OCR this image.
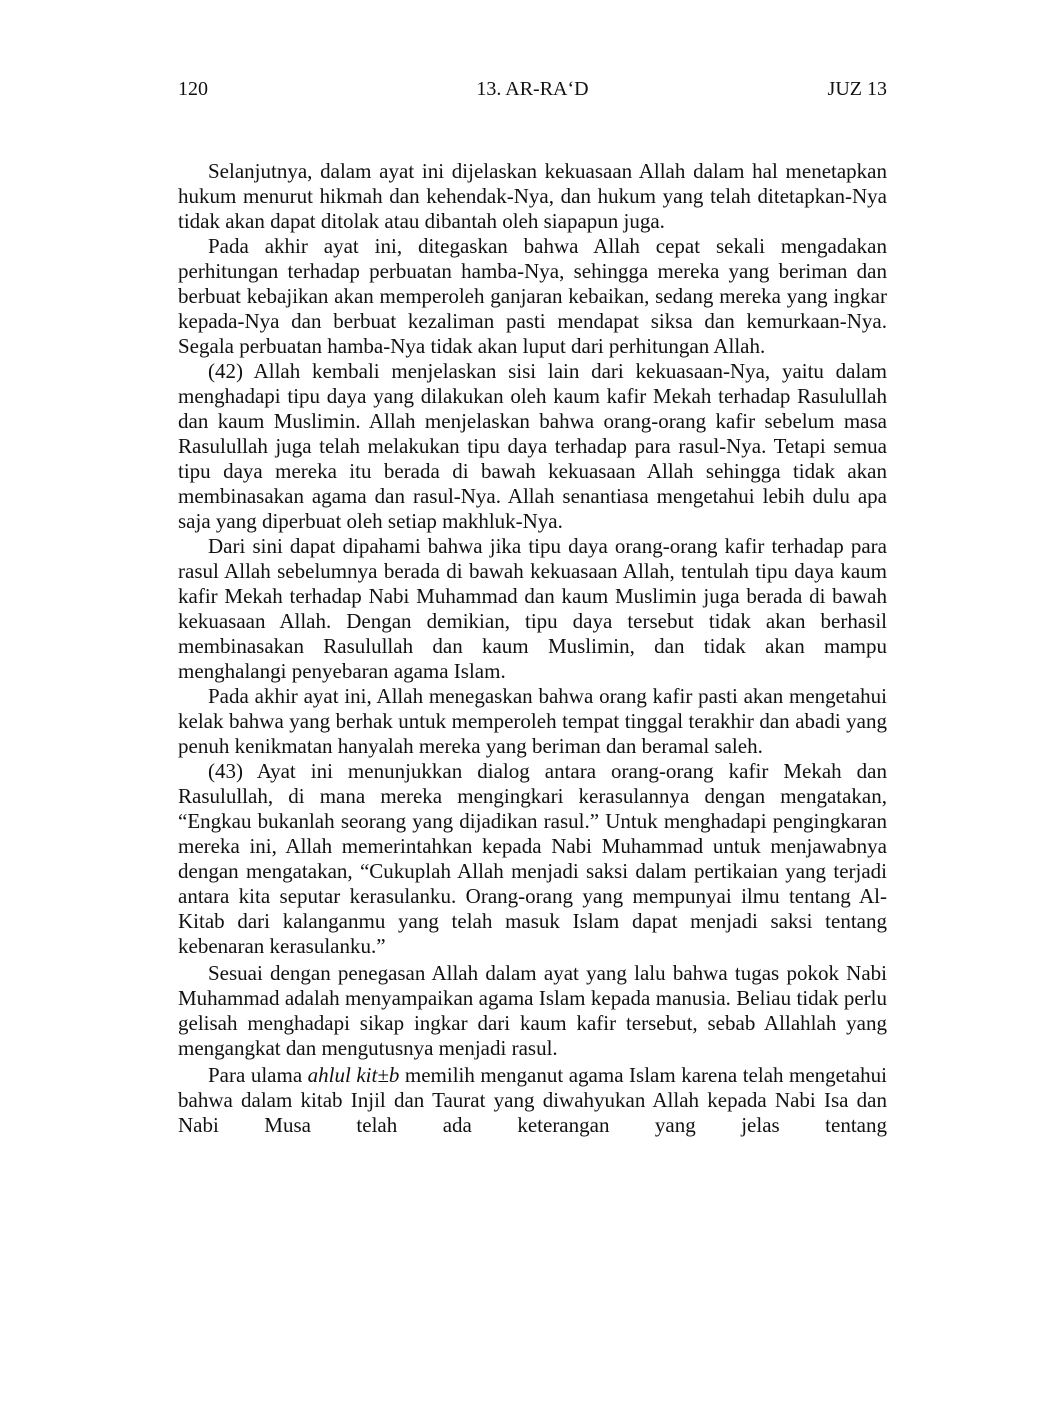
120	13. AR-RA‘D	JUZ 13

Selanjutnya, dalam ayat ini dijelaskan kekuasaan Allah dalam hal menetapkan hukum menurut hikmah dan kehendak-Nya, dan hukum yang telah ditetapkan-Nya tidak akan dapat ditolak atau dibantah oleh siapapun juga.

Pada akhir ayat ini, ditegaskan bahwa Allah cepat sekali mengadakan perhitungan terhadap perbuatan hamba-Nya, sehingga mereka yang beriman dan berbuat kebajikan akan memperoleh ganjaran kebaikan, sedang mereka yang ingkar kepada-Nya dan berbuat kezaliman pasti mendapat siksa dan kemurkaan-Nya. Segala perbuatan hamba-Nya tidak akan luput dari perhitungan Allah.

(42) Allah kembali menjelaskan sisi lain dari kekuasaan-Nya, yaitu dalam menghadapi tipu daya yang dilakukan oleh kaum kafir Mekah terhadap Rasulullah dan kaum Muslimin. Allah menjelaskan bahwa orang-orang kafir sebelum masa Rasulullah juga telah melakukan tipu daya terhadap para rasul-Nya. Tetapi semua tipu daya mereka itu berada di bawah kekuasaan Allah sehingga tidak akan membinasakan agama dan rasul-Nya. Allah senantiasa mengetahui lebih dulu apa saja yang diperbuat oleh setiap makhluk-Nya.

Dari sini dapat dipahami bahwa jika tipu daya orang-orang kafir terhadap para rasul Allah sebelumnya berada di bawah kekuasaan Allah, tentulah tipu daya kaum kafir Mekah terhadap Nabi Muhammad dan kaum Muslimin juga berada di bawah kekuasaan Allah. Dengan demikian, tipu daya tersebut tidak akan berhasil membinasakan Rasulullah dan kaum Muslimin, dan tidak akan mampu menghalangi penyebaran agama Islam.

Pada akhir ayat ini, Allah menegaskan bahwa orang kafir pasti akan mengetahui kelak bahwa yang berhak untuk memperoleh tempat tinggal terakhir dan abadi yang penuh kenikmatan hanyalah mereka yang beriman dan beramal saleh.

(43) Ayat ini menunjukkan dialog antara orang-orang kafir Mekah dan Rasulullah, di mana mereka mengingkari kerasulannya dengan mengatakan, “Engkau bukanlah seorang yang dijadikan rasul.” Untuk menghadapi pengingkaran mereka ini, Allah memerintahkan kepada Nabi Muhammad untuk menjawabnya dengan mengatakan, “Cukuplah Allah menjadi saksi dalam pertikaian yang terjadi antara kita seputar kerasulanku. Orang-orang yang mempunyai ilmu tentang Al-Kitab dari kalanganmu yang telah masuk Islam dapat menjadi saksi tentang kebenaran kerasulanku.”

Sesuai dengan penegasan Allah dalam ayat yang lalu bahwa tugas pokok Nabi Muhammad adalah menyampaikan agama Islam kepada manusia. Beliau tidak perlu gelisah menghadapi sikap ingkar dari kaum kafir tersebut, sebab Allahlah yang mengangkat dan mengutusnya menjadi rasul.

Para ulama ahlul kit±b memilih menganut agama Islam karena telah mengetahui bahwa dalam kitab Injil dan Taurat yang diwahyukan Allah kepada Nabi Isa dan Nabi Musa telah ada keterangan yang jelas tentang
